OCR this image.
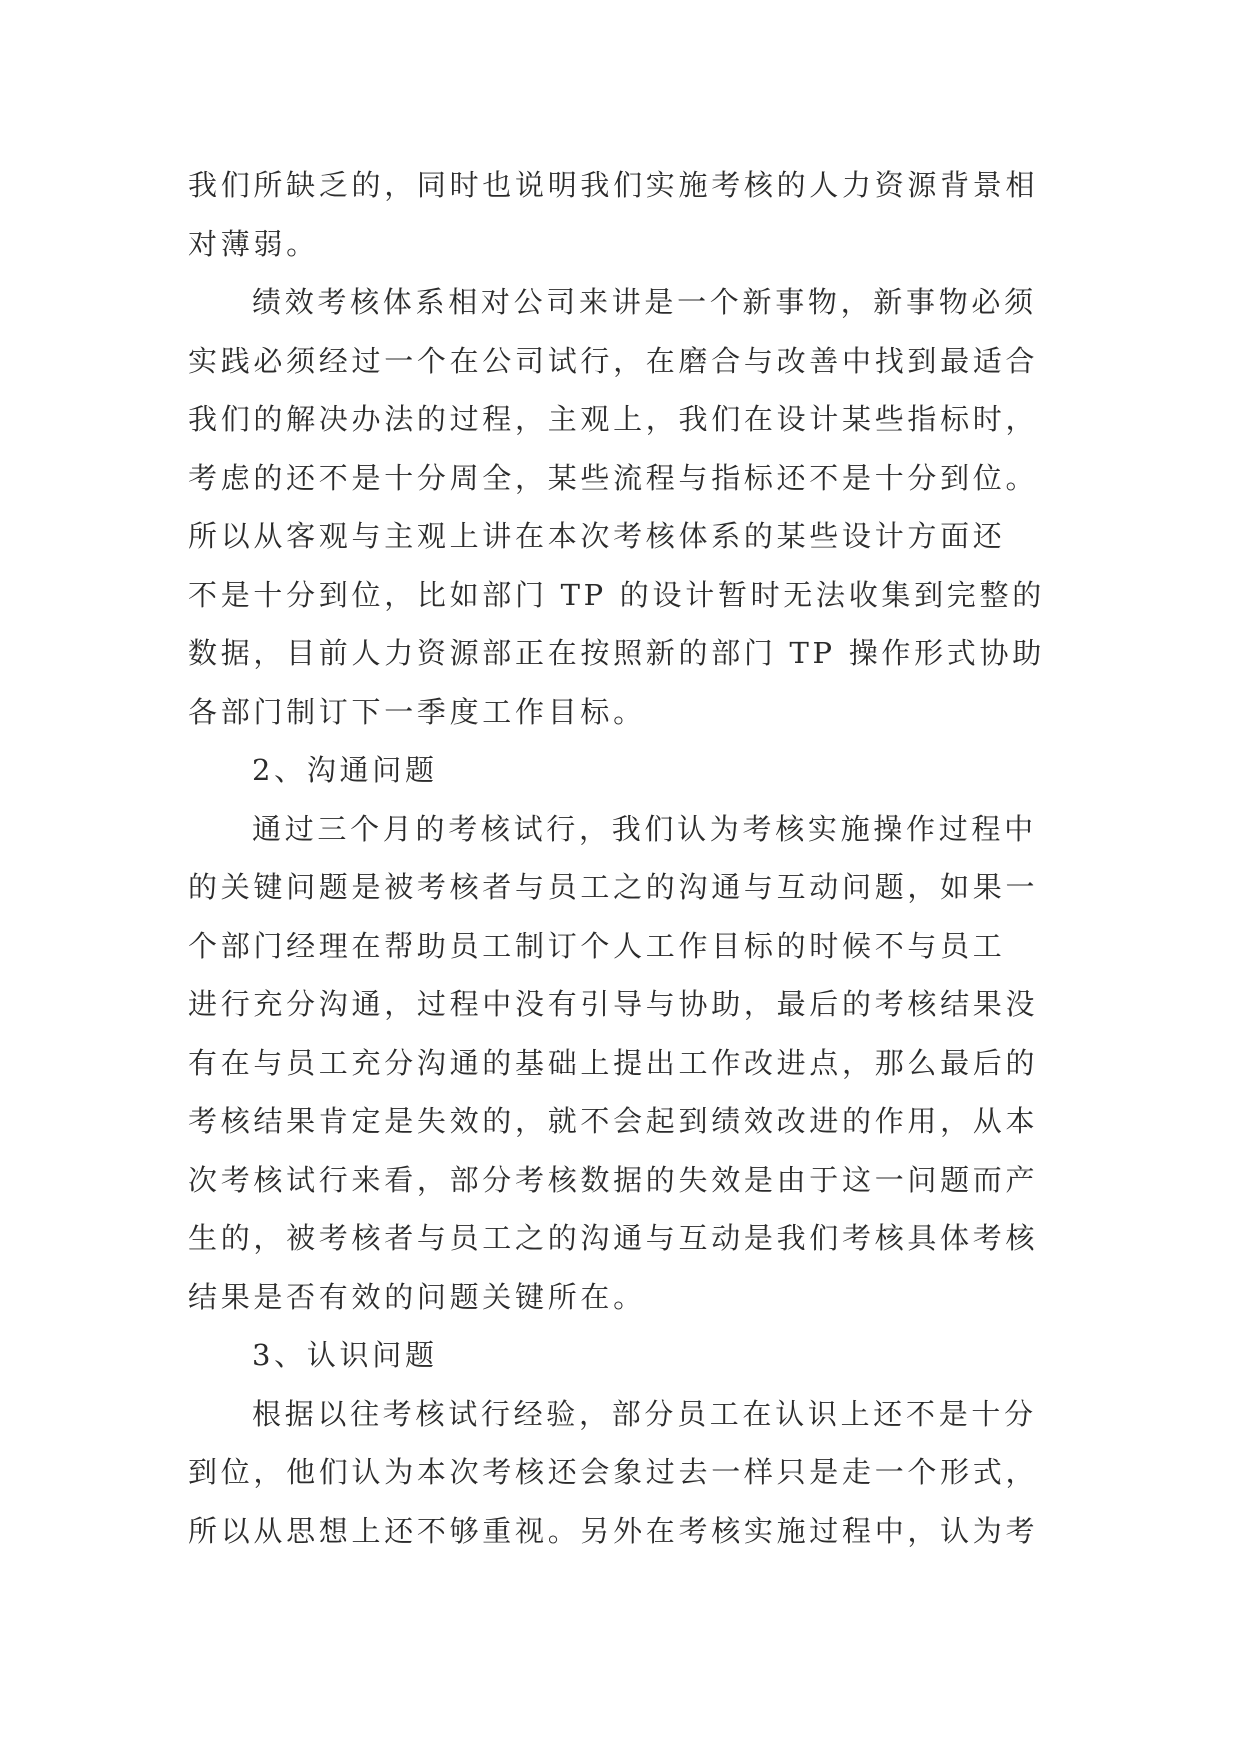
我们所缺乏的，同时也说明我们实施考核的人力资源背景相
对薄弱。
绩效考核体系相对公司来讲是一个新事物，新事物必须
实践必须经过一个在公司试行，在磨合与改善中找到最适合
我们的解决办法的过程，主观上，我们在设计某些指标时，
考虑的还不是十分周全，某些流程与指标还不是十分到位。
所以从客观与主观上讲在本次考核体系的某些设计方面还
不是十分到位，比如部门 TP 的设计暂时无法收集到完整的
数据，目前人力资源部正在按照新的部门 TP 操作形式协助
各部门制订下一季度工作目标。
2、沟通问题
通过三个月的考核试行，我们认为考核实施操作过程中
的关键问题是被考核者与员工之的沟通与互动问题，如果一
个部门经理在帮助员工制订个人工作目标的时候不与员工
进行充分沟通，过程中没有引导与协助，最后的考核结果没
有在与员工充分沟通的基础上提出工作改进点，那么最后的
考核结果肯定是失效的，就不会起到绩效改进的作用，从本
次考核试行来看，部分考核数据的失效是由于这一问题而产
生的，被考核者与员工之的沟通与互动是我们考核具体考核
结果是否有效的问题关键所在。
3、认识问题
根据以往考核试行经验，部分员工在认识上还不是十分
到位，他们认为本次考核还会象过去一样只是走一个形式，
所以从思想上还不够重视。另外在考核实施过程中，认为考
